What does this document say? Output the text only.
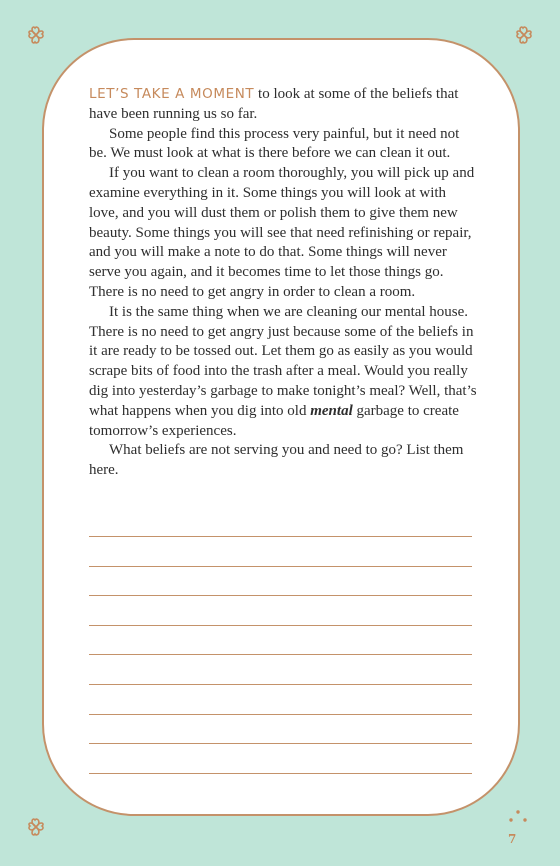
LET’S TAKE A MOMENT to look at some of the beliefs that have been running us so far.

Some people find this process very painful, but it need not be. We must look at what is there before we can clean it out.

If you want to clean a room thoroughly, you will pick up and examine everything in it. Some things you will look at with love, and you will dust them or polish them to give them new beauty. Some things you will see that need refinishing or repair, and you will make a note to do that. Some things will never serve you again, and it becomes time to let those things go. There is no need to get angry in order to clean a room.

It is the same thing when we are cleaning our mental house. There is no need to get angry just because some of the beliefs in it are ready to be tossed out. Let them go as easily as you would scrape bits of food into the trash after a meal. Would you really dig into yesterday’s garbage to make tonight’s meal? Well, that’s what happens when you dig into old mental garbage to create tomorrow’s experiences.

What beliefs are not serving you and need to go? List them here.

7
